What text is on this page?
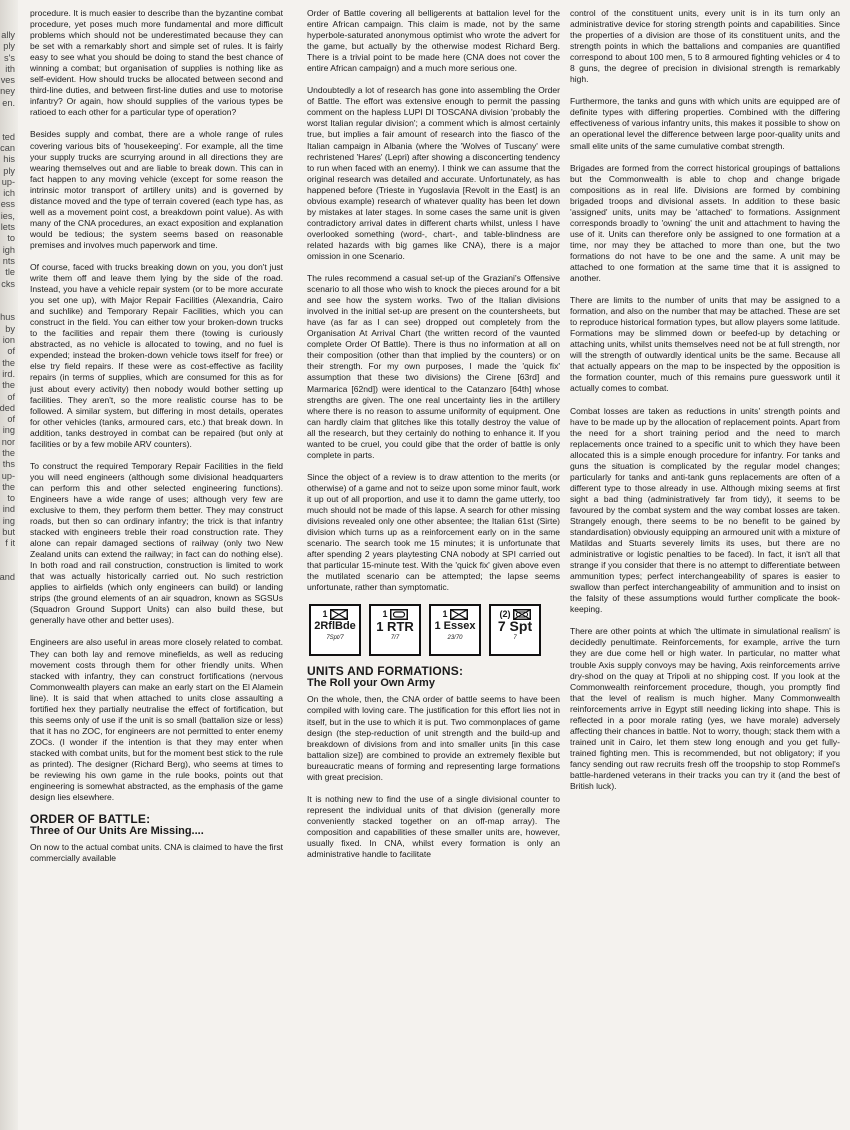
ally
ply
s's
ith
ves
ney
en.

ted
can
his
ply
up-
ich
ess
ies,
lets
to
igh
nts
tle
cks

hus
by
ion
of
the
ird.
the
of
ded
of
ing
nor
the
ths
up-
the
to
ind
ing
but
f it

and

procedure. It is much easier to describe than the byzantine combat procedure, yet poses much more fundamental and more difficult problems which should not be underestimated because they can be set with a remarkably short and simple set of rules. It is fairly easy to see what you should be doing to stand the best chance of winning a combat; but organisation of supplies is nothing like as self-evident. How should trucks be allocated between second and third-line duties, and between first-line duties and use to motorise infantry? Or again, how should supplies of the various types be ratioed to each other for a particular type of operation?

Besides supply and combat, there are a whole range of rules covering various bits of 'housekeeping'. For example, all the time your supply trucks are scurrying around in all directions they are wearing themselves out and are liable to break down. This can in fact happen to any moving vehicle (except for some reason the intrinsic motor transport of artillery units) and is governed by distance moved and the type of terrain covered (each type has, as well as a movement point cost, a breakdown point value). As with many of the CNA procedures, an exact exposition and explanation would be tedious; the system seems based on reasonable premises and involves much paperwork and time.

Of course, faced with trucks breaking down on you, you don't just write them off and leave them lying by the side of the road. Instead, you have a vehicle repair system (or to be more accurate you set one up), with Major Repair Facilities (Alexandria, Cairo and suchlike) and Temporary Repair Facilities, which you can construct in the field. You can either tow your broken-down trucks to the facilities and repair them there (towing is curiously abstracted, as no vehicle is allocated to towing, and no fuel is expended; instead the broken-down vehicle tows itself for free) or else try field repairs. If these were as cost-effective as facility repairs (in terms of supplies, which are consumed for this as for just about every activity) then nobody would bother setting up facilities. They aren't, so the more realistic course has to be followed. A similar system, but differing in most details, operates for other vehicles (tanks, armoured cars, etc.) that break down. In addition, tanks destroyed in combat can be repaired (but only at facilities or by a few mobile ARV counters).

To construct the required Temporary Repair Facilities in the field you will need engineers (although some divisional headquarters can perform this and other selected engineering functions). Engineers have a wide range of uses; although very few are exclusive to them, they perform them better. They may construct roads, but then so can ordinary infantry; the trick is that infantry stacked with engineers treble their road construction rate. They alone can repair damaged sections of railway (only two New Zealand units can extend the railway; in fact can do nothing else). In both road and rail construction, construction is limited to work that was actually historically carried out. No such restriction applies to airfields (which only engineers can build) or landing strips (the ground elements of an air squadron, known as SGSUs (Squadron Ground Support Units) can also build these, but generally have other and better uses).

Engineers are also useful in areas more closely related to combat. They can both lay and remove minefields, as well as reducing movement costs through them for other friendly units. When stacked with infantry, they can construct fortifications (nervous Commonwealth players can make an early start on the El Alamein line). It is said that when attached to units close assaulting a fortified hex they partially neutralise the effect of fortification, but this seems only of use if the unit is so small (battalion size or less) that it has no ZOC, for engineers are not permitted to enter enemy ZOCs. (I wonder if the intention is that they may enter when stacked with combat units, but for the moment best stick to the rule as printed). The designer (Richard Berg), who seems at times to be reviewing his own game in the rule books, points out that engineering is somewhat abstracted, as the emphasis of the game design lies elsewhere.

ORDER OF BATTLE:
Three of Our Units Are Missing....

On now to the actual combat units. CNA is claimed to have the first commercially available

Order of Battle covering all belligerents at battalion level for the entire African campaign. This claim is made, not by the same hyperbole-saturated anonymous optimist who wrote the advert for the game, but actually by the otherwise modest Richard Berg. There is a trivial point to be made here (CNA does not cover the entire African campaign) and a much more serious one.

Undoubtedly a lot of research has gone into assembling the Order of Battle. The effort was extensive enough to permit the passing comment on the hapless LUPI DI TOSCANA division 'probably the worst Italian regular division'; a comment which is almost certainly true, but implies a fair amount of research into the fiasco of the Italian campaign in Albania (where the 'Wolves of Tuscany' were rechristened 'Hares' (Lepri) after showing a disconcerting tendency to run when faced with an enemy). I think we can assume that the original research was detailed and accurate. Unfortunately, as has happened before (Trieste in Yugoslavia [Revolt in the East] is an obvious example) research of whatever quality has been let down by mistakes at later stages. In some cases the same unit is given contradictory arrival dates in different charts whilst, unless I have overlooked something (word-, chart-, and table-blindness are related hazards with big games like CNA), there is a major omission in one Scenario.

The rules recommend a casual set-up of the Graziani's Offensive scenario to all those who wish to knock the pieces around for a bit and see how the system works. Two of the Italian divisions involved in the initial set-up are present on the countersheets, but have (as far as I can see) dropped out completely from the Organisation At Arrival Chart (the written record of the vaunted complete Order Of Battle). There is thus no information at all on their composition (other than that implied by the counters) or on their strength. For my own purposes, I made the 'quick fix' assumption that these two divisions) the Cirene [63rd] and Marmarica [62nd]) were identical to the Catanzaro [64th] whose strengths are given. The one real uncertainty lies in the artillery where there is no reason to assume uniformity of equipment. One can hardly claim that glitches like this totally destroy the value of all the research, but they certainly do nothing to enhance it. If you wanted to be cruel, you could gibe that the order of battle is only complete in parts.

Since the object of a review is to draw attention to the merits (or otherwise) of a game and not to seize upon some minor fault, work it up out of all proportion, and use it to damn the game utterly, too much should not be made of this lapse. A search for other missing divisions revealed only one other absentee; the Italian 61st (Sirte) division which turns up as a reinforcement early on in the same scenario. The search took me 15 minutes; it is unfortunate that after spending 2 years playtesting CNA nobody at SPI carried out that particular 15-minute test. With the 'quick fix' given above even the mutilated scenario can be attempted; the lapse seems unfortunate, rather than symptomatic.

1
2RflBde
7Spt/7
1
1 RTR
7/7
1
1 Essex
23/70
(2)
7 Spt
7
UNITS AND FORMATIONS:
The Roll your Own Army

On the whole, then, the CNA order of battle seems to have been compiled with loving care. The justification for this effort lies not in itself, but in the use to which it is put. Two commonplaces of game design (the step-reduction of unit strength and the build-up and breakdown of divisions from and into smaller units [in this case battalion size]) are combined to provide an extremely flexible but bureaucratic means of forming and representing large formations with great precision.

It is nothing new to find the use of a single divisional counter to represent the individual units of that division (generally more conveniently stacked together on an off-map array). The composition and capabilities of these smaller units are, however, usually fixed. In CNA, whilst every formation is only an administrative handle to facilitate

control of the constituent units, every unit is in its turn only an administrative device for storing strength points and capabilities. Since the properties of a division are those of its constituent units, and the strength points in which the battalions and companies are quantified correspond to about 100 men, 5 to 8 armoured fighting vehicles or 4 to 8 guns, the degree of precision in divisional strength is remarkably high.

Furthermore, the tanks and guns with which units are equipped are of definite types with differing properties. Combined with the differing effectiveness of various infantry units, this makes it possible to show on an operational level the difference between large poor-quality units and small elite units of the same cumulative combat strength.

Brigades are formed from the correct historical groupings of battalions but the Commonwealth is able to chop and change brigade compositions as in real life. Divisions are formed by combining brigaded troops and divisional assets. In addition to these basic 'assigned' units, units may be 'attached' to formations. Assignment corresponds broadly to 'owning' the unit and attachment to having the use of it. Units can therefore only be assigned to one formation at a time, nor may they be attached to more than one, but the two formations do not have to be one and the same. A unit may be attached to one formation at the same time that it is assigned to another.

There are limits to the number of units that may be assigned to a formation, and also on the number that may be attached. These are set to reproduce historical formation types, but allow players some latitude. Formations may be slimmed down or beefed-up by detaching or attaching units, whilst units themselves need not be at full strength, nor will the strength of outwardly identical units be the same. Because all that actually appears on the map to be inspected by the opposition is the formation counter, much of this remains pure guesswork until it actually comes to combat.

Combat losses are taken as reductions in units' strength points and have to be made up by the allocation of replacement points. Apart from the need for a short training period and the need to march replacements once trained to a specific unit to which they have been allocated this is a simple enough procedure for infantry. For tanks and guns the situation is complicated by the regular model changes; particularly for tanks and anti-tank guns replacements are often of a different type to those already in use. Although mixing seems at first sight a bad thing (administratively far from tidy), it seems to be favoured by the combat system and the way combat losses are taken. Strangely enough, there seems to be no benefit to be gained by standardisation) obviously equipping an armoured unit with a mixture of Matildas and Stuarts severely limits its uses, but there are no administrative or logistic penalties to be faced). In fact, it isn't all that strange if you consider that there is no attempt to differentiate between ammunition types; perfect interchangeability of spares is easier to swallow than perfect interchangeability of ammunition and to insist on the falsity of these assumptions would further complicate the book-keeping.

There are other points at which 'the ultimate in simulational realism' is decidedly penultimate. Reinforcements, for example, arrive the turn they are due come hell or high water. In particular, no matter what trouble Axis supply convoys may be having, Axis reinforcements arrive dry-shod on the quay at Tripoli at no shipping cost. If you look at the Commonwealth reinforcement procedure, though, you promptly find that the level of realism is much higher. Many Commonwealth reinforcements arrive in Egypt still needing licking into shape. This is reflected in a poor morale rating (yes, we have morale) adversely affecting their chances in battle. Not to worry, though; stack them with a trained unit in Cairo, let them stew long enough and you get fully-trained fighting men. This is recommended, but not obligatory; if you fancy sending out raw recruits fresh off the troopship to stop Rommel's battle-hardened veterans in their tracks you can try it (and the best of British luck).
